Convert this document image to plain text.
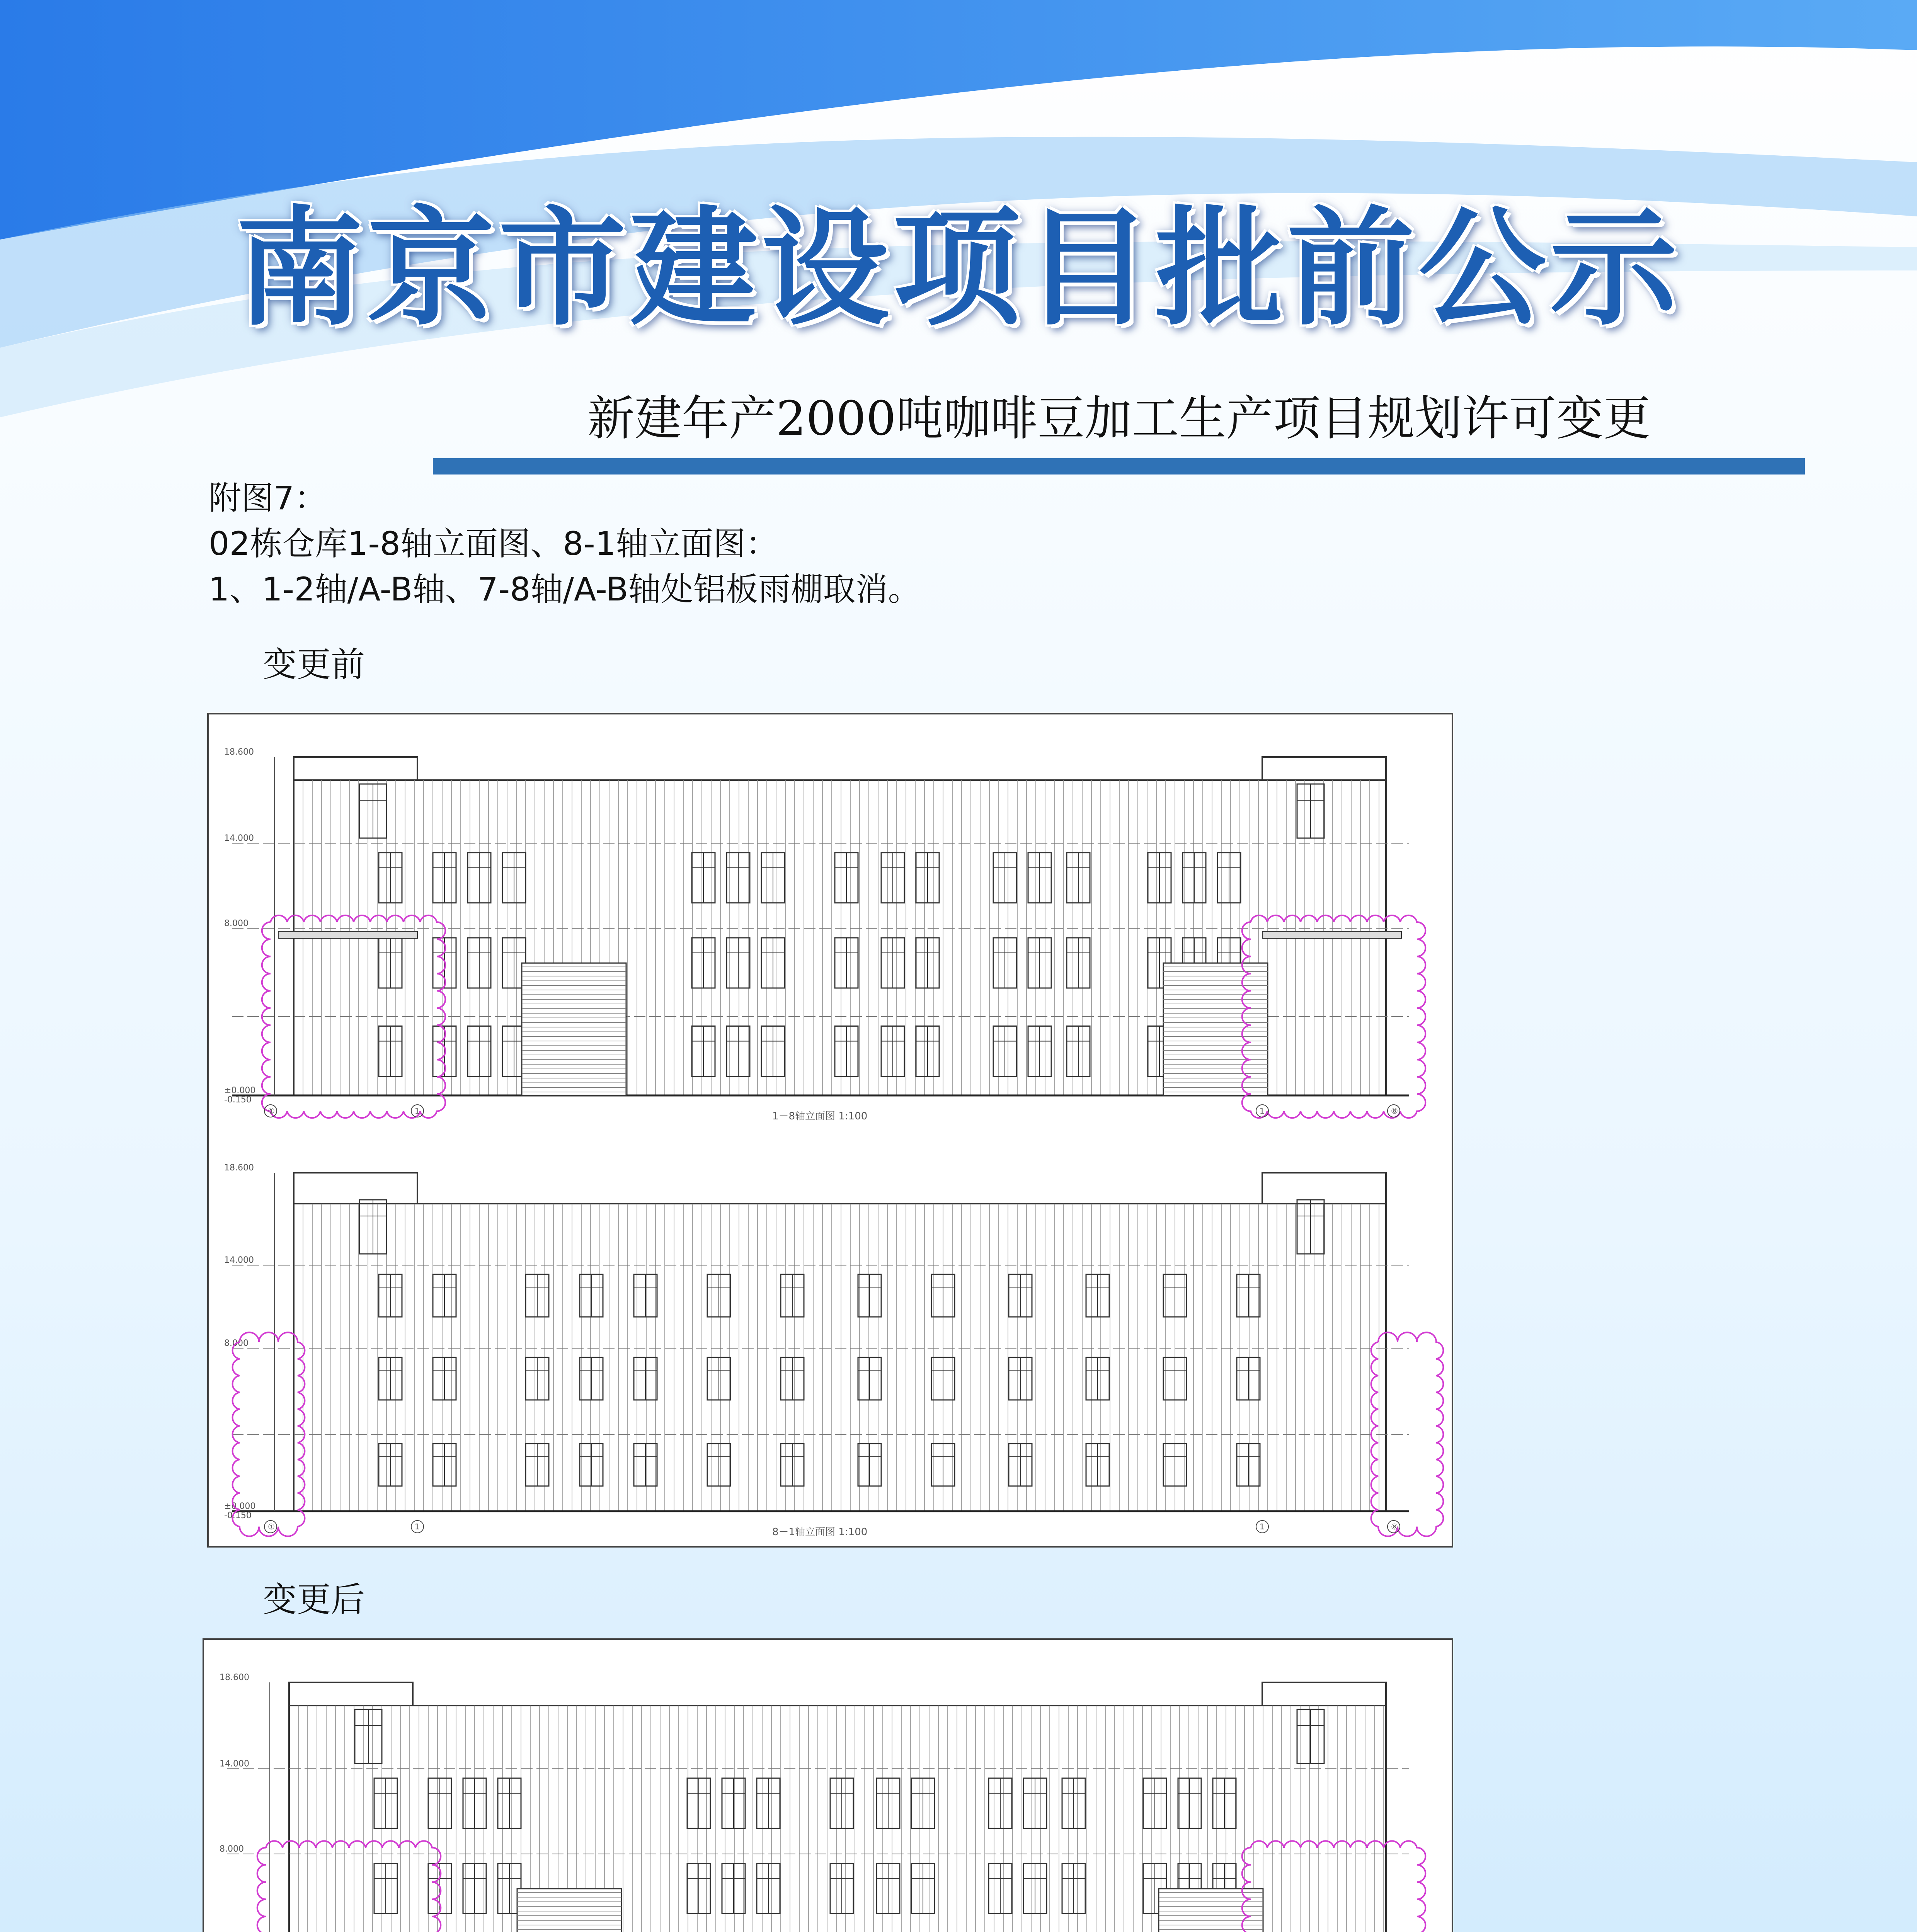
南京市建设项目批前公示
新建年产2000吨咖啡豆加工生产项目规划许可变更
附图7：
02栋仓库1-8轴立面图、8-1轴立面图：
1、1-2轴/A-B轴、7-8轴/A-B轴处铝板雨棚取消。
变更前
18.600
14.000
8.000
±0.000
-0.150
①	1	1	⑧
1－8轴立面图 1:100
18.600
14.000
8.000
±0.000
-0.150
①	1	1	⑧
8－1轴立面图 1:100
变更后
18.600
14.000
8.000
